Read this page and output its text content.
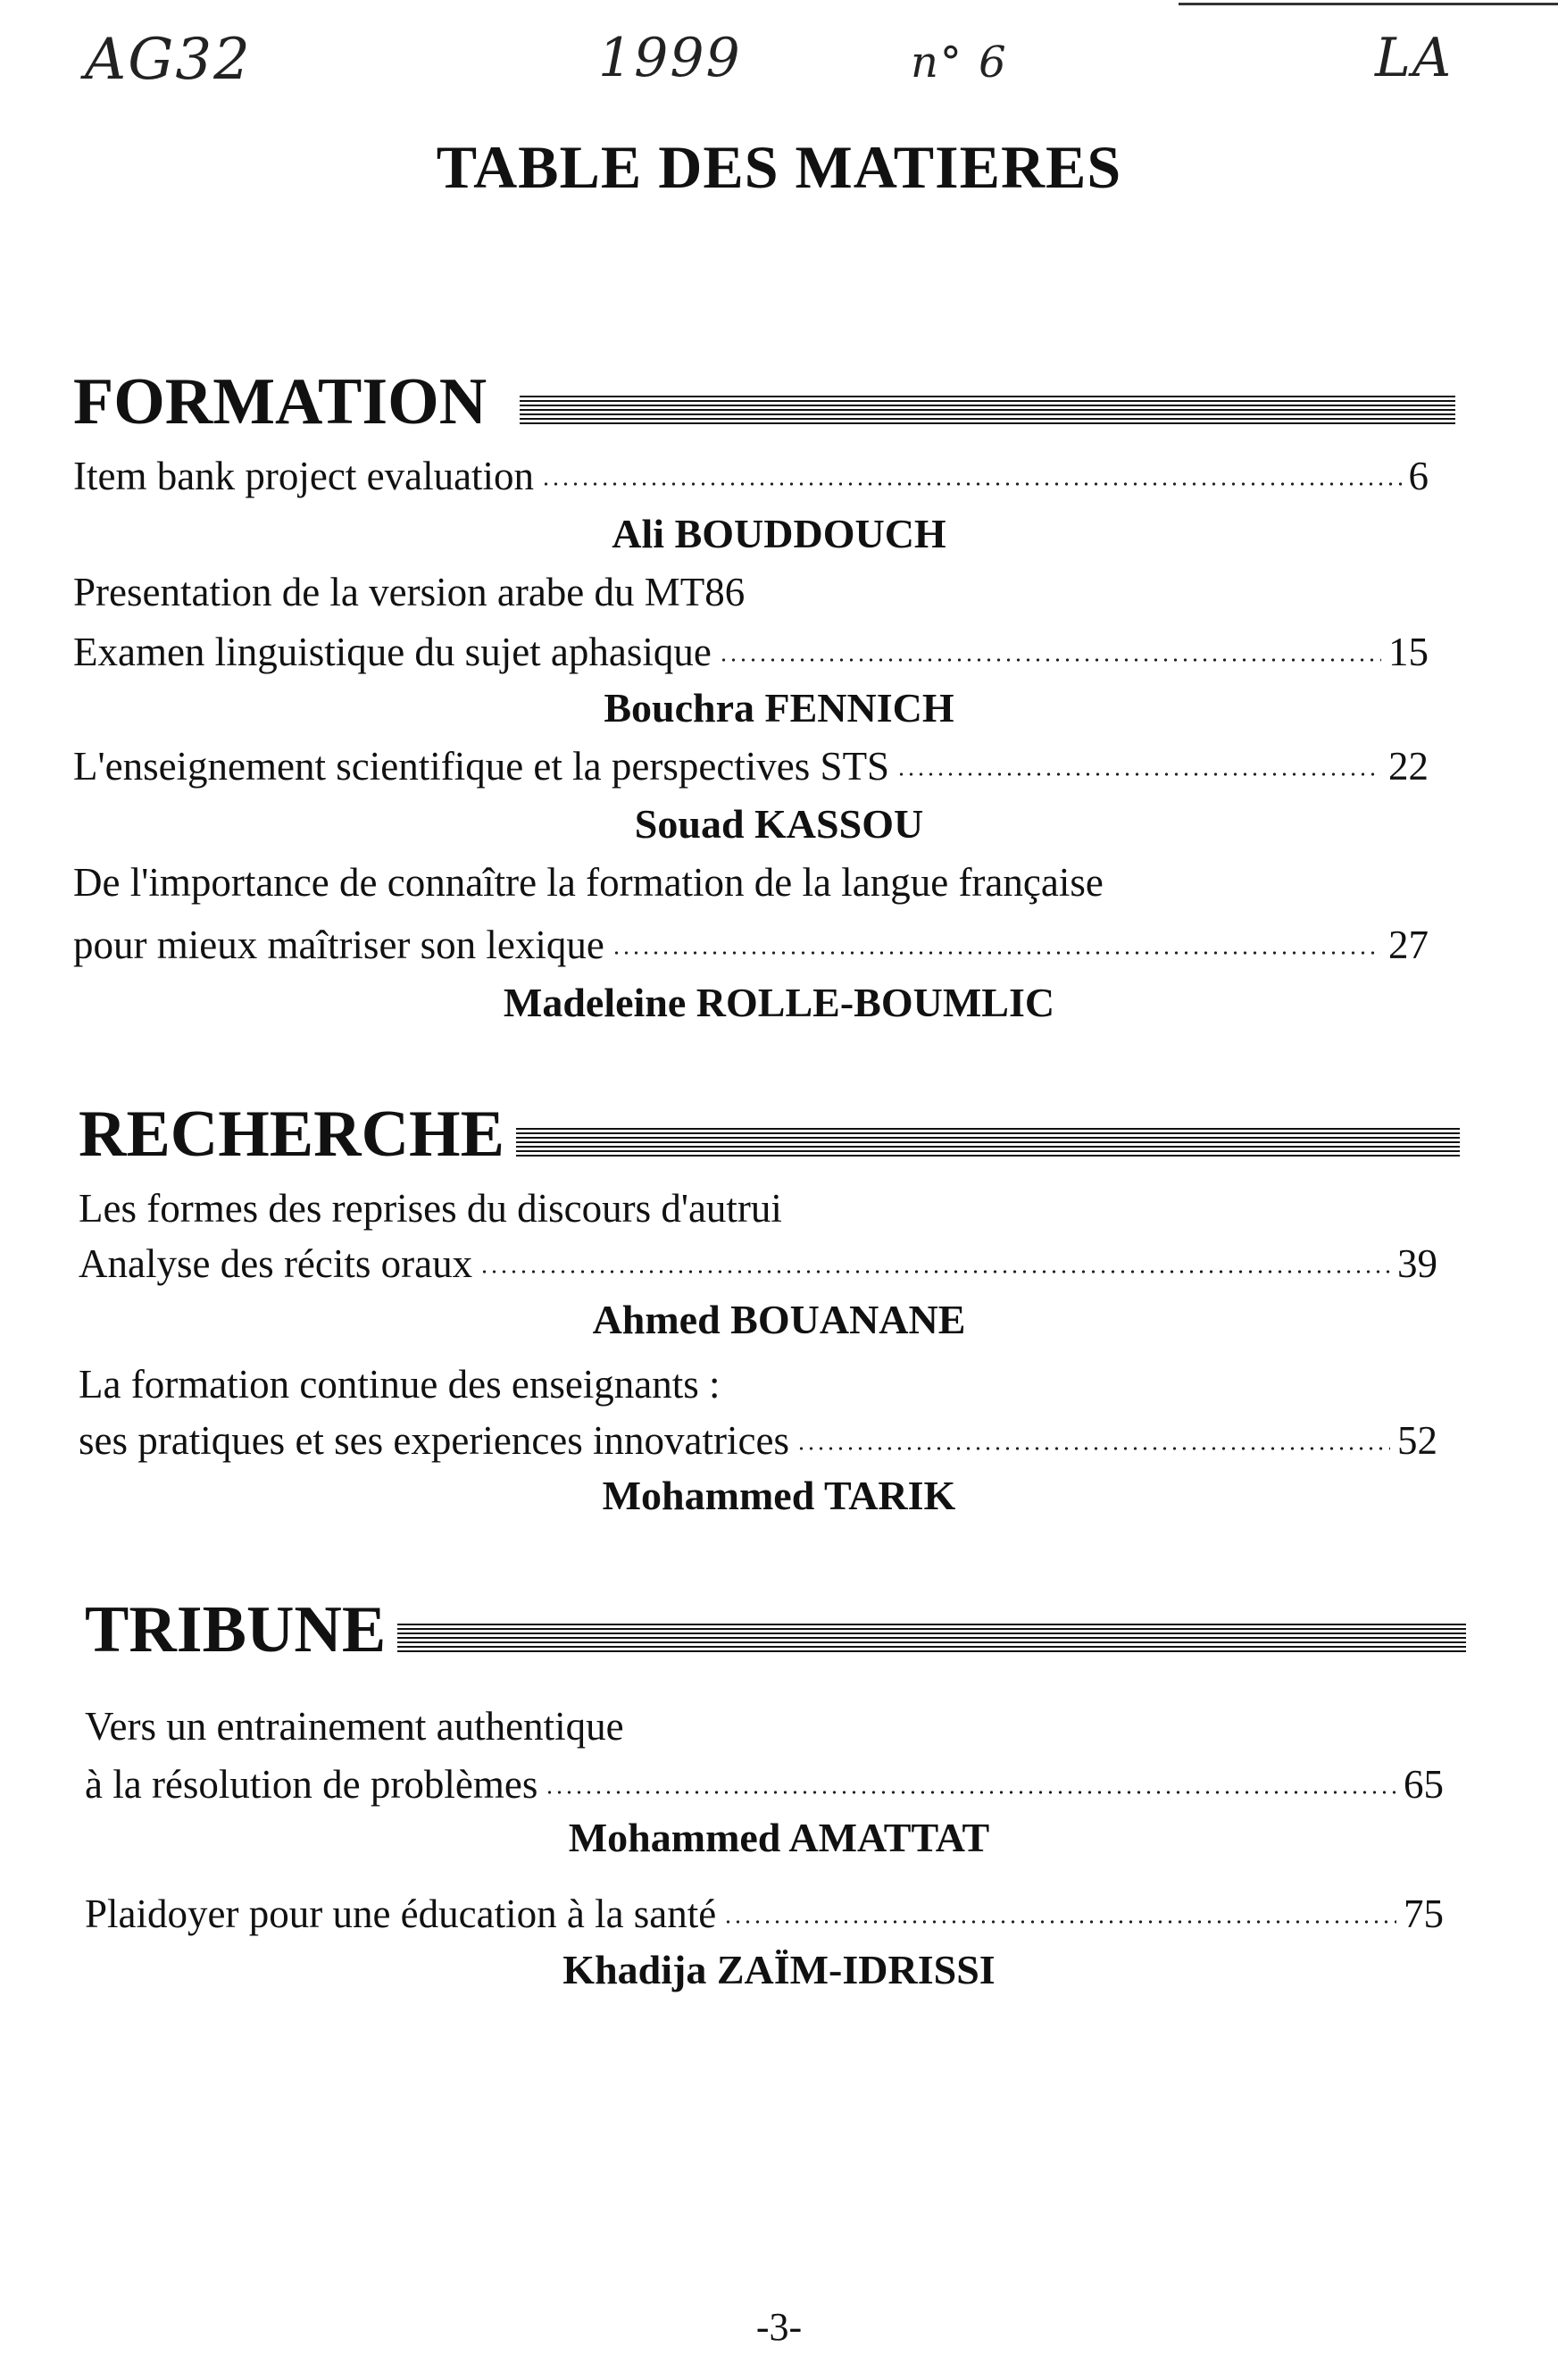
AG32	1999	n° 6	LA
TABLE DES MATIERES
FORMATION
Item bank project evaluation	6
Ali BOUDDOUCH
Presentation de la version arabe du MT86
Examen linguistique du sujet aphasique	15
Bouchra FENNICH
L'enseignement scientifique et la perspectives STS	22
Souad KASSOU
De l'importance de connaître la formation de la langue française
pour mieux maîtriser son lexique	27
Madeleine ROLLE-BOUMLIC
RECHERCHE
Les formes des reprises du discours d'autrui
Analyse des récits oraux	39
Ahmed BOUANANE
La formation continue des enseignants :
ses pratiques et ses experiences innovatrices	52
Mohammed TARIK
TRIBUNE
Vers un entrainement authentique
à la résolution de problèmes	65
Mohammed AMATTAT
Plaidoyer pour une éducation à la santé	75
Khadija ZAÏM-IDRISSI
-3-
